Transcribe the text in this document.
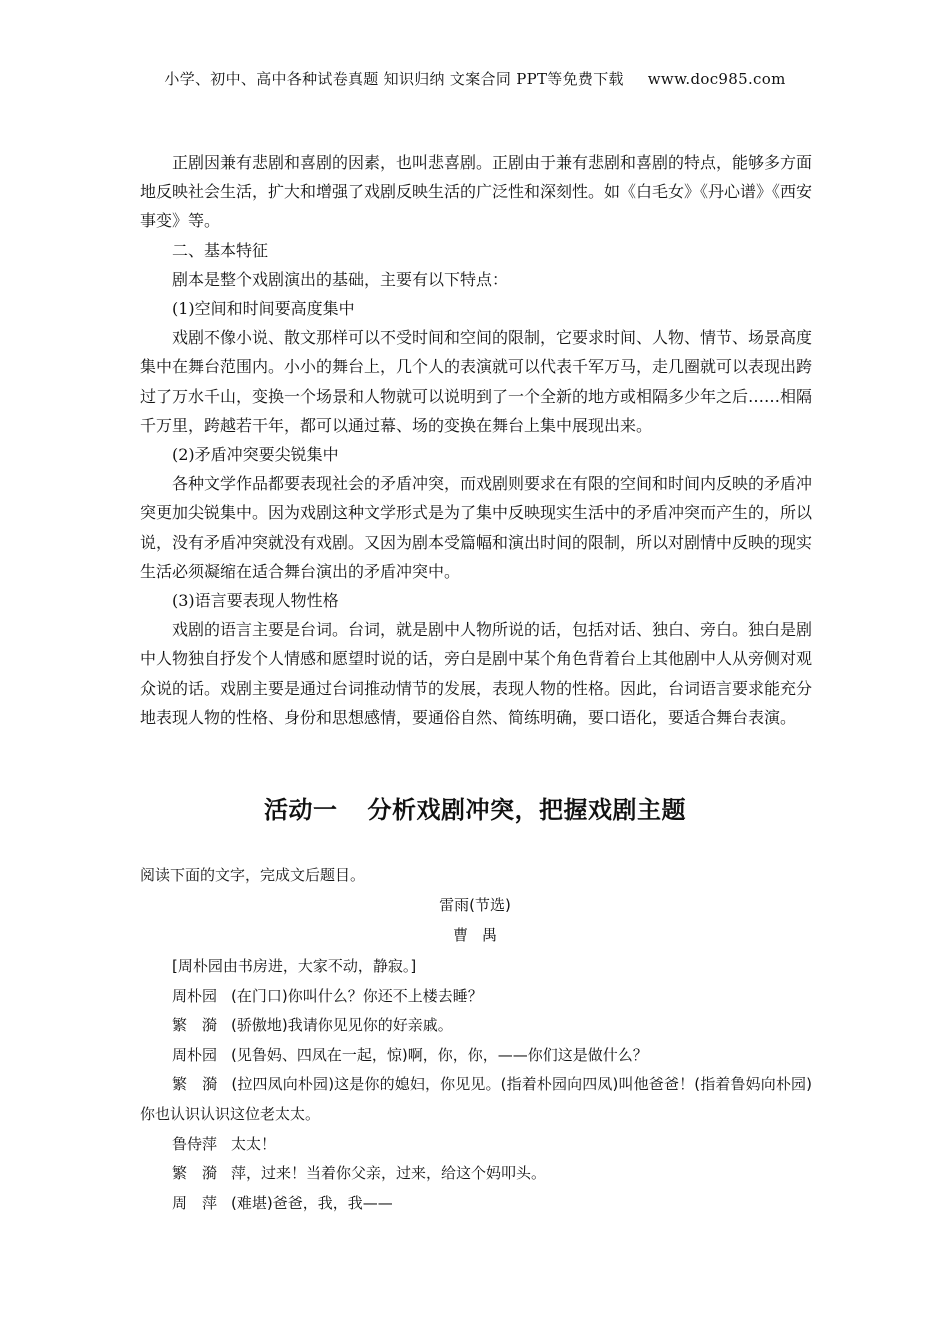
小学、初中、高中各种试卷真题 知识归纳 文案合同 PPT等免费下载 www.doc985.com

正剧因兼有悲剧和喜剧的因素，也叫悲喜剧。正剧由于兼有悲剧和喜剧的特点，能够多方面地反映社会生活，扩大和增强了戏剧反映生活的广泛性和深刻性。如《白毛女》《丹心谱》《西安事变》等。

二、基本特征

剧本是整个戏剧演出的基础，主要有以下特点：

(1)空间和时间要高度集中

戏剧不像小说、散文那样可以不受时间和空间的限制，它要求时间、人物、情节、场景高度集中在舞台范围内。小小的舞台上，几个人的表演就可以代表千军万马，走几圈就可以表现出跨过了万水千山，变换一个场景和人物就可以说明到了一个全新的地方或相隔多少年之后……相隔千万里，跨越若干年，都可以通过幕、场的变换在舞台上集中展现出来。

(2)矛盾冲突要尖锐集中

各种文学作品都要表现社会的矛盾冲突，而戏剧则要求在有限的空间和时间内反映的矛盾冲突更加尖锐集中。因为戏剧这种文学形式是为了集中反映现实生活中的矛盾冲突而产生的，所以说，没有矛盾冲突就没有戏剧。又因为剧本受篇幅和演出时间的限制，所以对剧情中反映的现实生活必须凝缩在适合舞台演出的矛盾冲突中。

(3)语言要表现人物性格

戏剧的语言主要是台词。台词，就是剧中人物所说的话，包括对话、独白、旁白。独白是剧中人物独自抒发个人情感和愿望时说的话，旁白是剧中某个角色背着台上其他剧中人从旁侧对观众说的话。戏剧主要是通过台词推动情节的发展，表现人物的性格。因此，台词语言要求能充分地表现人物的性格、身份和思想感情，要通俗自然、简练明确，要口语化，要适合舞台表演。

活动一 分析戏剧冲突，把握戏剧主题
阅读下面的文字，完成文后题目。
雷雨(节选)
曹禺

[周朴园由书房进，大家不动，静寂。]

周朴园 (在门口)你叫什么？你还不上楼去睡？

繁　漪 (骄傲地)我请你见见你的好亲戚。

周朴园 (见鲁妈、四凤在一起，惊)啊，你，你，——你们这是做什么？

繁　漪 (拉四凤向朴园)这是你的媳妇，你见见。(指着朴园向四凤)叫他爸爸！(指着鲁妈向朴园)你也认识认识这位老太太。

鲁侍萍 太太！

繁　漪 萍，过来！当着你父亲，过来，给这个妈叩头。

周　萍 (难堪)爸爸，我，我——
